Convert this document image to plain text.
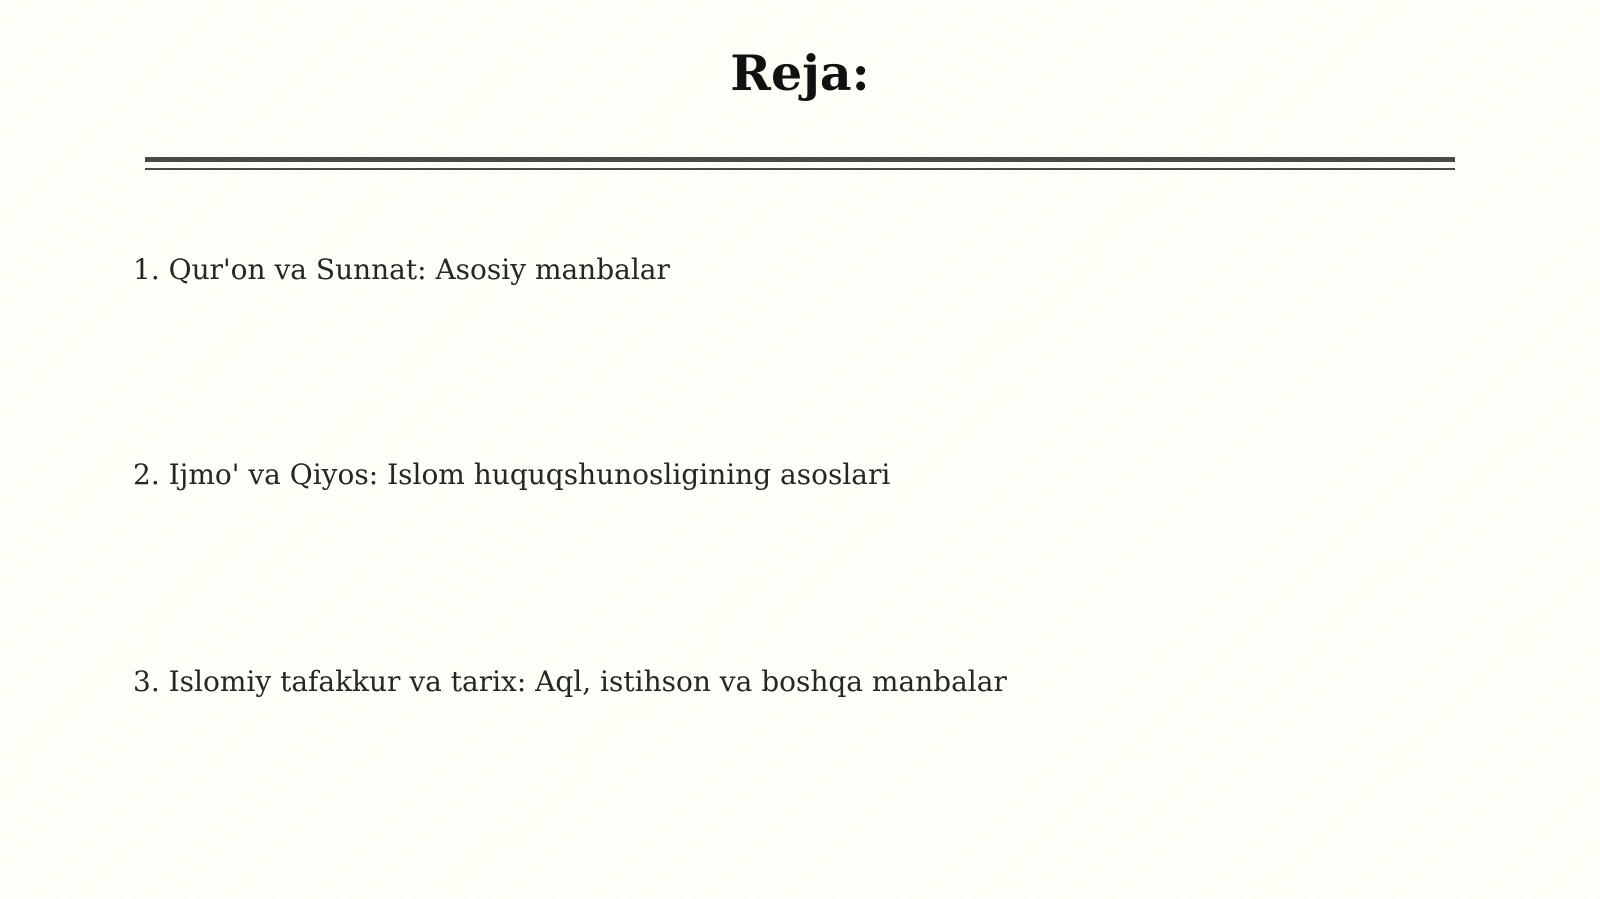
Reja:
1. Qur'on va Sunnat: Asosiy manbalar
2. Ijmo' va Qiyos: Islom huquqshunosligining asoslari
3. Islomiy tafakkur va tarix: Aql, istihson va boshqa manbalar
